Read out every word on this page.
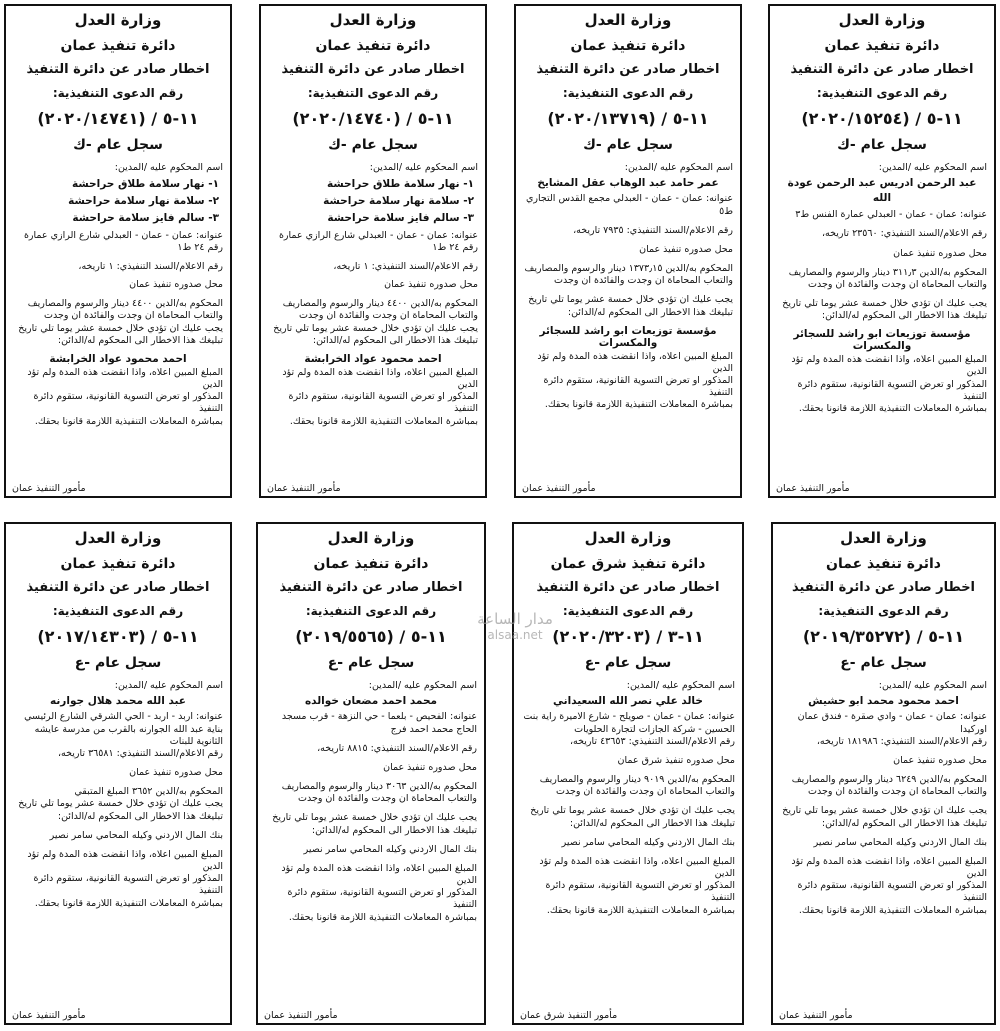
وزارة العدل
دائرة تنفيذ عمان
اخطار صادر عن دائرة التنفيذ
رقم الدعوى التنفيذية:
١١-٥ / (٢٠٢٠/١٥٢٥٤)
سجل عام -ك
اسم المحكوم عليه /المدين:
عبد الرحمن ادريس عبد الرحمن عودة الله
عنوانه: عمان - عمان - العبدلي عمارة الفنس ط٣
رقم الاعلام/السند التنفيذي: ٢٣٥٦٠ تاريخه،
محل صدوره تنفيذ عمان
المحكوم به/الدين ٣١١٫٣ دينار والرسوم والمصاريف
والتعاب المحاماة ان وجدت والفائدة ان وجدت
يجب عليك ان تؤدي خلال خمسة عشر يوما تلي تاريخ
تبليغك هذا الاخطار الى المحكوم له/الدائن:
مؤسسة توزيعات ابو راشد للسجائر والمكسرات
المبلغ المبين اعلاه، واذا انقضت هذه المدة ولم تؤد الدين
المذكور او تعرض التسوية القانونية، ستقوم دائرة التنفيذ
بمباشرة المعاملات التنفيذية اللازمة قانونا بحقك.
مأمور التنفيذ عمان
وزارة العدل
دائرة تنفيذ عمان
اخطار صادر عن دائرة التنفيذ
رقم الدعوى التنفيذية:
١١-٥ / (٢٠٢٠/١٣٧١٩)
سجل عام -ك
اسم المحكوم عليه /المدين:
عمر حامد عبد الوهاب عقل المشايخ
عنوانه: عمان - عمان - العبدلي مجمع القدس التجاري ط٥
رقم الاعلام/السند التنفيذي: ٧٩٣٥ تاريخه،
محل صدوره تنفيذ عمان
المحكوم به/الدين ١٣٧٣٫١٥ دينار والرسوم والمصاريف
والتعاب المحاماة ان وجدت والفائدة ان وجدت
يجب عليك ان تؤدي خلال خمسة عشر يوما تلي تاريخ
تبليغك هذا الاخطار الى المحكوم له/الدائن:
مؤسسة توزيعات ابو راشد للسجائر والمكسرات
المبلغ المبين اعلاه، واذا انقضت هذه المدة ولم تؤد الدين
المذكور او تعرض التسوية القانونية، ستقوم دائرة التنفيذ
بمباشرة المعاملات التنفيذية اللازمة قانونا بحقك.
مأمور التنفيذ عمان
وزارة العدل
دائرة تنفيذ عمان
اخطار صادر عن دائرة التنفيذ
رقم الدعوى التنفيذية:
١١-٥ / (٢٠٢٠/١٤٧٤٠)
سجل عام -ك
اسم المحكوم عليه /المدين:
١- نهار سلامة طلاق حراحشة
٢- سلامة نهار سلامة حراحشة
٣- سالم فايز سلامة حراحشة
عنوانه: عمان - عمان - العبدلي شارع الرازي عمارة رقم ٢٤ ط١
رقم الاعلام/السند التنفيذي: ١ تاريخه،
محل صدوره تنفيذ عمان
المحكوم به/الدين ٤٤٠٠ دينار والرسوم والمصاريف
والتعاب المحاماة ان وجدت والفائدة ان وجدت
يجب عليك ان تؤدي خلال خمسة عشر يوما تلي تاريخ
تبليغك هذا الاخطار الى المحكوم له/الدائن:
احمد محمود عواد الخرابشة
المبلغ المبين اعلاه، واذا انقضت هذه المدة ولم تؤد الدين
المذكور او تعرض التسوية القانونية، ستقوم دائرة التنفيذ
بمباشرة المعاملات التنفيذية اللازمة قانونا بحقك.
مأمور التنفيذ عمان
وزارة العدل
دائرة تنفيذ عمان
اخطار صادر عن دائرة التنفيذ
رقم الدعوى التنفيذية:
١١-٥ / (٢٠٢٠/١٤٧٤١)
سجل عام -ك
اسم المحكوم عليه /المدين:
١- نهار سلامة طلاق حراحشة
٢- سلامة نهار سلامة حراحشة
٣- سالم فايز سلامة حراحشة
عنوانه: عمان - عمان - العبدلي شارع الرازي عمارة رقم ٢٤ ط١
رقم الاعلام/السند التنفيذي: ١ تاريخه،
محل صدوره تنفيذ عمان
المحكوم به/الدين ٤٤٠٠ دينار والرسوم والمصاريف
والتعاب المحاماة ان وجدت والفائدة ان وجدت
يجب عليك ان تؤدي خلال خمسة عشر يوما تلي تاريخ
تبليغك هذا الاخطار الى المحكوم له/الدائن:
احمد محمود عواد الخرابشة
المبلغ المبين اعلاه، واذا انقضت هذه المدة ولم تؤد الدين
المذكور او تعرض التسوية القانونية، ستقوم دائرة التنفيذ
بمباشرة المعاملات التنفيذية اللازمة قانونا بحقك.
مأمور التنفيذ عمان
وزارة العدل
دائرة تنفيذ عمان
اخطار صادر عن دائرة التنفيذ
رقم الدعوى التنفيذية:
١١-٥ / (٢٠١٩/٣٥٢٧٢)
سجل عام -ع
اسم المحكوم عليه /المدين:
احمد محمود محمد ابو حشيش
عنوانه: عمان - عمان - وادي صقرة - فندق عمان اوركيدا
رقم الاعلام/السند التنفيذي: ١٨١٩٨٦ تاريخه،
محل صدوره تنفيذ عمان
المحكوم به/الدين ٦٢٤٩ دينار والرسوم والمصاريف
والتعاب المحاماة ان وجدت والفائدة ان وجدت
يجب عليك ان تؤدي خلال خمسة عشر يوما تلي تاريخ
تبليغك هذا الاخطار الى المحكوم له/الدائن:
بنك المال الاردني وكيله المحامي سامر نصير
المبلغ المبين اعلاه، واذا انقضت هذه المدة ولم تؤد الدين
المذكور او تعرض التسوية القانونية، ستقوم دائرة التنفيذ
بمباشرة المعاملات التنفيذية اللازمة قانونا بحقك.
مأمور التنفيذ عمان
وزارة العدل
دائرة تنفيذ شرق عمان
اخطار صادر عن دائرة التنفيذ
رقم الدعوى التنفيذية:
١١-٣ / (٢٠٢٠/٣٢٠٣)
سجل عام -ع
اسم المحكوم عليه /المدين:
خالد علي نصر الله السعيداني
عنوانه: عمان - عمان - صويلح - شارع الاميرة راية بنت الحسين - شركة الجازات لتجارة الحلويات
رقم الاعلام/السند التنفيذي: ٤٣٦٥٣ تاريخه،
محل صدوره تنفيذ شرق عمان
المحكوم به/الدين ٩٠١٩ دينار والرسوم والمصاريف
والتعاب المحاماة ان وجدت والفائدة ان وجدت
يجب عليك ان تؤدي خلال خمسة عشر يوما تلي تاريخ
تبليغك هذا الاخطار الى المحكوم له/الدائن:
بنك المال الاردني وكيله المحامي سامر نصير
المبلغ المبين اعلاه، واذا انقضت هذه المدة ولم تؤد الدين
المذكور او تعرض التسوية القانونية، ستقوم دائرة التنفيذ
بمباشرة المعاملات التنفيذية اللازمة قانونا بحقك.
مأمور التنفيذ شرق عمان
وزارة العدل
دائرة تنفيذ عمان
اخطار صادر عن دائرة التنفيذ
رقم الدعوى التنفيذية:
١١-٥ / (٢٠١٩/٥٥٦٥)
سجل عام -ع
اسم المحكوم عليه /المدين:
محمد احمد مضعان خوالده
عنوانه: الفحيص - بلعما - حي النزهة - قرب مسجد الحاج محمد احمد فرج
رقم الاعلام/السند التنفيذي: ٨٨١٥ تاريخه،
محل صدوره تنفيذ عمان
المحكوم به/الدين ٣٠٦٣ دينار والرسوم والمصاريف
والتعاب المحاماة ان وجدت والفائدة ان وجدت
يجب عليك ان تؤدي خلال خمسة عشر يوما تلي تاريخ
تبليغك هذا الاخطار الى المحكوم له/الدائن:
بنك المال الاردني وكيله المحامي سامر نصير
المبلغ المبين اعلاه، واذا انقضت هذه المدة ولم تؤد الدين
المذكور او تعرض التسوية القانونية، ستقوم دائرة التنفيذ
بمباشرة المعاملات التنفيذية اللازمة قانونا بحقك.
مأمور التنفيذ عمان
وزارة العدل
دائرة تنفيذ عمان
اخطار صادر عن دائرة التنفيذ
رقم الدعوى التنفيذية:
١١-٥ / (٢٠١٧/١٤٣٠٣)
سجل عام -ع
اسم المحكوم عليه /المدين:
عبد الله محمد هلال جوارنه
عنوانه: اربد - اربد - الحي الشرقي الشارع الرئيسي بناية عبد الله الجوارنه بالقرب من مدرسة عايشه الثانوية للبنات
رقم الاعلام/السند التنفيذي: ٣٦٥٨١ تاريخه،
محل صدوره تنفيذ عمان
المحكوم به/الدين ٣٦٥٢ المبلغ المتبقي
يجب عليك ان تؤدي خلال خمسة عشر يوما تلي تاريخ
تبليغك هذا الاخطار الى المحكوم له/الدائن:
بنك المال الاردني وكيله المحامي سامر نصير
المبلغ المبين اعلاه، واذا انقضت هذه المدة ولم تؤد الدين
المذكور او تعرض التسوية القانونية، ستقوم دائرة التنفيذ
بمباشرة المعاملات التنفيذية اللازمة قانونا بحقك.
مأمور التنفيذ عمان
مدار الساعة
alsaa.net
